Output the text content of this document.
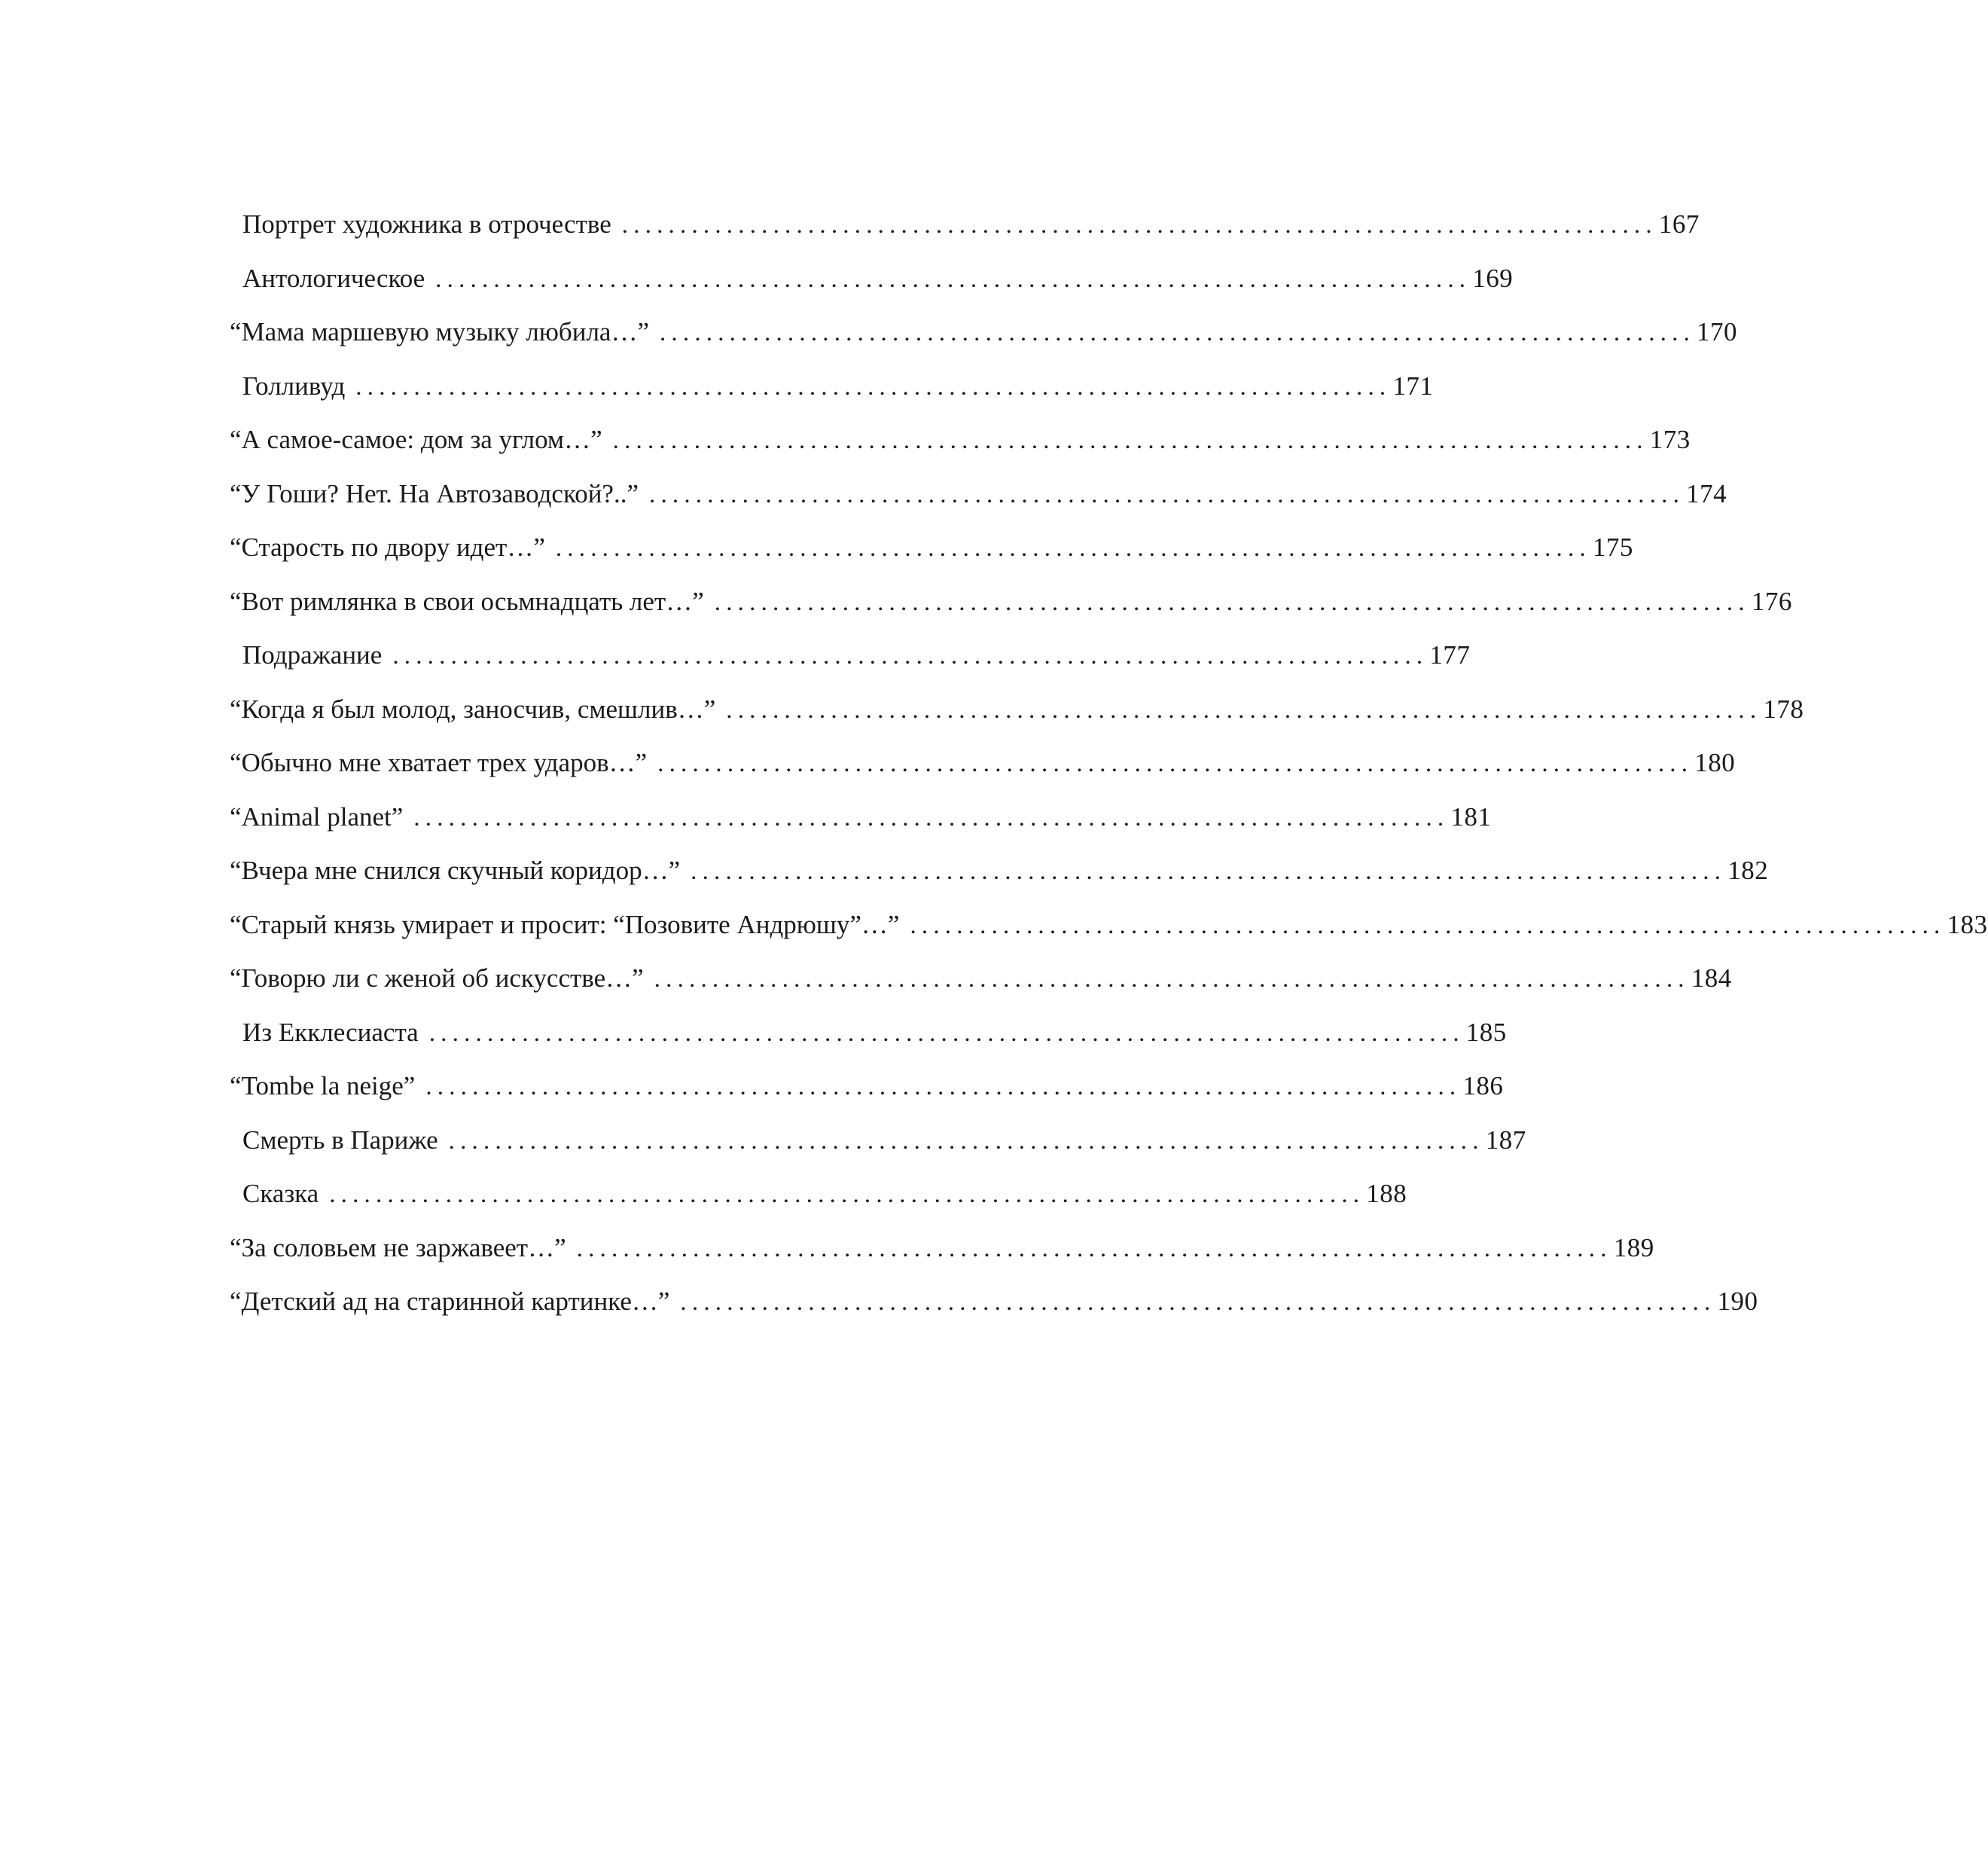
Портрет художника в отрочестве ......................................................................................... 167
Антологическое ......................................................................................... 169
“Мама маршевую музыку любила…” ......................................................................................... 170
Голливуд ......................................................................................... 171
“А самое-самое: дом за углом…” ......................................................................................... 173
“У Гоши? Нет. На Автозаводской?..” ......................................................................................... 174
“Старость по двору идет…” ......................................................................................... 175
“Вот римлянка в свои осьмнадцать лет…” ......................................................................................... 176
Подражание ......................................................................................... 177
“Когда я был молод, заносчив, смешлив…” ......................................................................................... 178
“Обычно мне хватает трех ударов…” ......................................................................................... 180
“Animal planet” ......................................................................................... 181
“Вчера мне снился скучный коридор…” ......................................................................................... 182
“Старый князь умирает и просит: “Позовите Андрюшу”…” ......................................................................................... 183
“Говорю ли с женой об искусстве…” ......................................................................................... 184
Из Екклесиаста ......................................................................................... 185
“Tombe la neige” ......................................................................................... 186
Смерть в Париже ......................................................................................... 187
Сказка ......................................................................................... 188
“За соловьем не заржавеет…” ......................................................................................... 189
“Детский ад на старинной картинке…” ......................................................................................... 190
